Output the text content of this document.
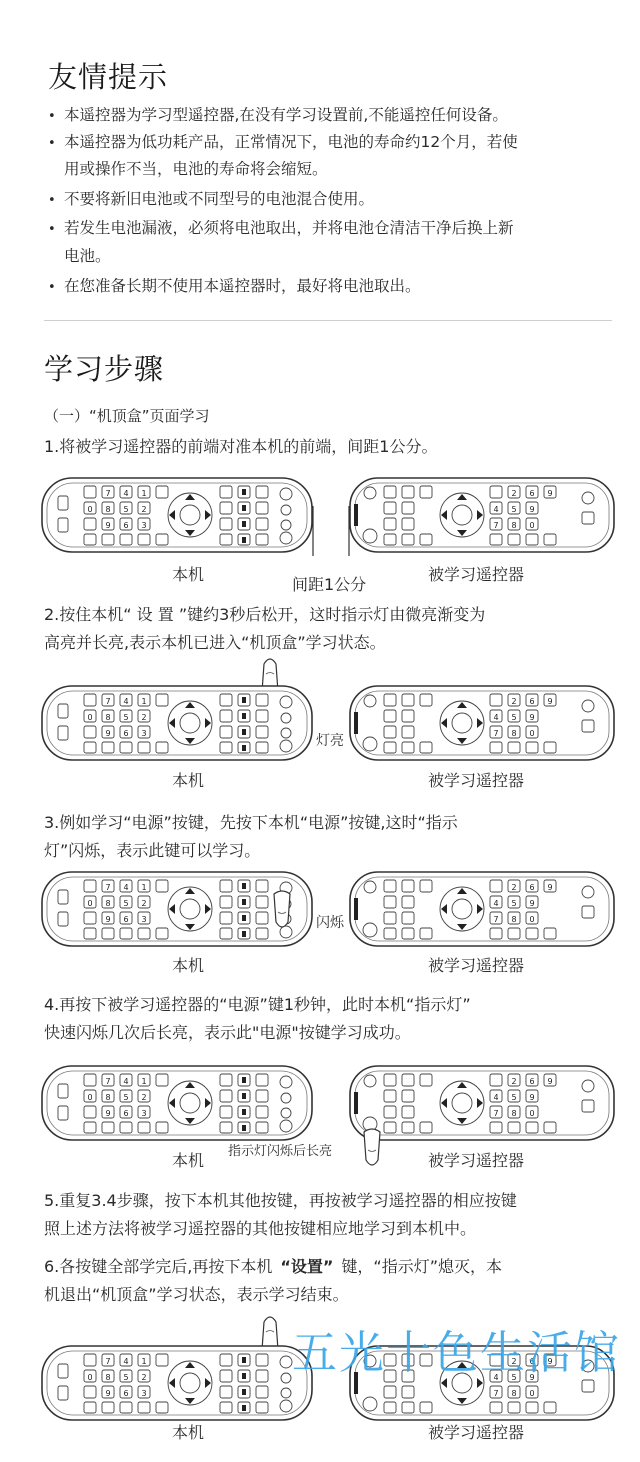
友情提示
• 本遥控器为学习型遥控器,在没有学习设置前,不能遥控任何设备。
• 本遥控器为低功耗产品，正常情况下，电池的寿命约12个月，若使
用或操作不当，电池的寿命将会缩短。
• 不要将新旧电池或不同型号的电池混合使用。
• 若发生电池漏液，必须将电池取出，并将电池仓清洁干净后换上新
电池。
• 在您准备长期不使用本遥控器时，最好将电池取出。
学习步骤
（一）“机顶盒”页面学习
1.将被学习遥控器的前端对准本机的前端，间距1公分。
1
2
3
4
5
6
7
8
9
0
2
5
8
6
9
0
9
4
7
本机
间距1公分
被学习遥控器
2.按住本机“ 设 置 ”键约3秒后松开，这时指示灯由微亮渐变为
高亮并长亮,表示本机已进入“机顶盒”学习状态。
灯亮
本机	被学习遥控器
3.例如学习“电源”按键，先按下本机“电源”按键,这时“指示
灯”闪烁，表示此键可以学习。
闪烁
本机	被学习遥控器
4.再按下被学习遥控器的“电源”键1秒钟，此时本机“指示灯”
快速闪烁几次后长亮，表示此"电源"按键学习成功。
本机 指示灯闪烁后长亮	被学习遥控器
5.重复3.4步骤，按下本机其他按键，再按被学习遥控器的相应按键
照上述方法将被学习遥控器的其他按键相应地学习到本机中。
6.各按键全部学完后,再按下本机 “设置” 键，“指示灯”熄灭，本
机退出“机顶盒”学习状态，表示学习结束。
五光十色生活馆
本机	被学习遥控器
